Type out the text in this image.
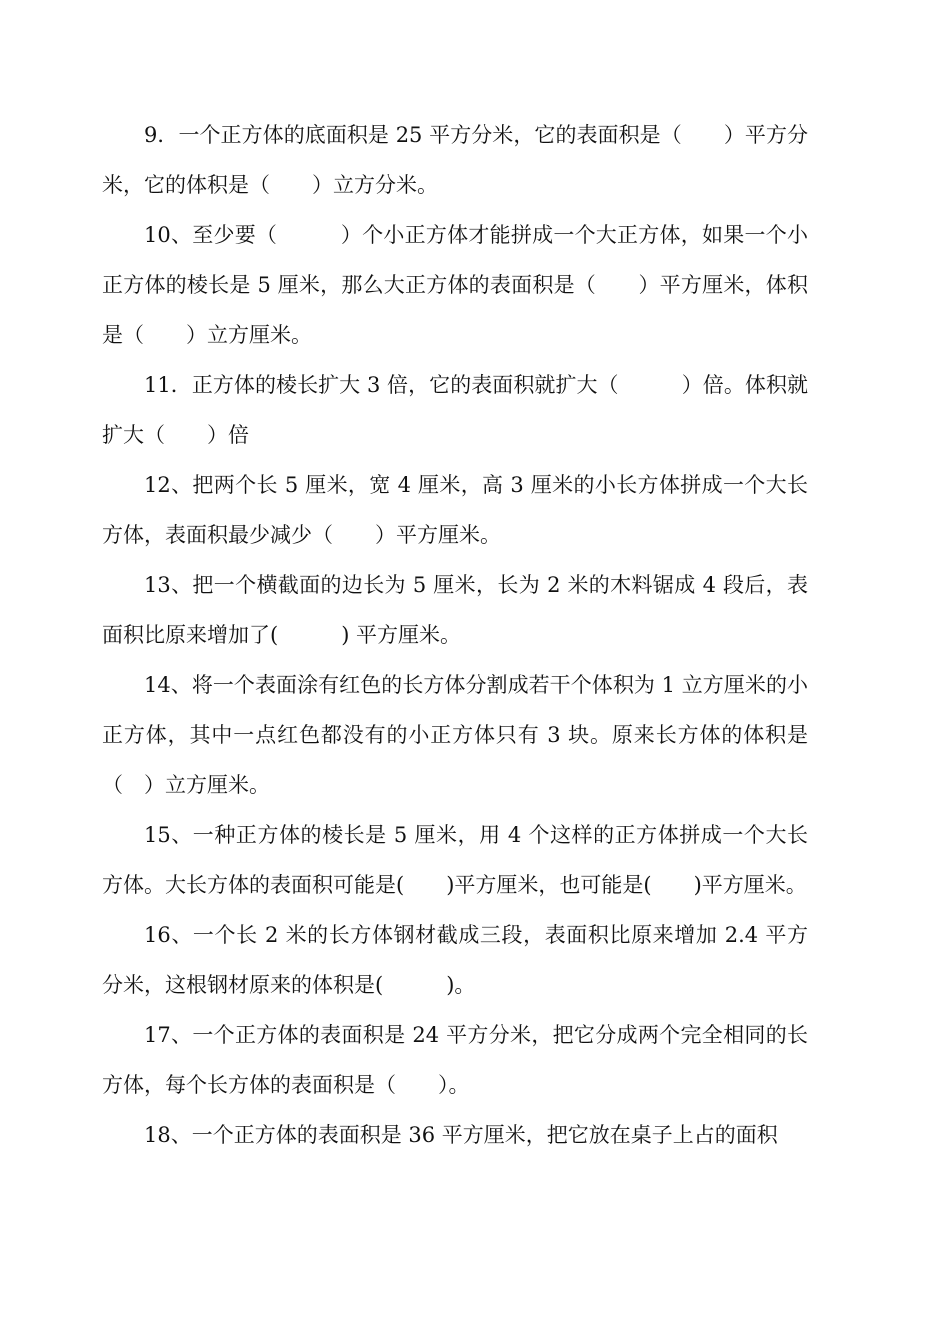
9．一个正方体的底面积是 25 平方分米，它的表面积是（　　）平方分米，它的体积是（　　）立方分米。

10、至少要（　　　）个小正方体才能拼成一个大正方体，如果一个小正方体的棱长是 5 厘米，那么大正方体的表面积是（　　）平方厘米，体积是（　　）立方厘米。

11．正方体的棱长扩大 3 倍，它的表面积就扩大（　　　）倍。体积就扩大（　　）倍

12、把两个长 5 厘米，宽 4 厘米，高 3 厘米的小长方体拼成一个大长方体，表面积最少减少（　　）平方厘米。

13、把一个横截面的边长为 5 厘米，长为 2 米的木料锯成 4 段后，表面积比原来增加了(　　　) 平方厘米。

14、将一个表面涂有红色的长方体分割成若干个体积为 1 立方厘米的小正方体，其中一点红色都没有的小正方体只有 3 块。原来长方体的体积是（　）立方厘米。

15、一种正方体的棱长是 5 厘米，用 4 个这样的正方体拼成一个大长方体。大长方体的表面积可能是(　　)平方厘米，也可能是(　　)平方厘米。

16、一个长 2 米的长方体钢材截成三段，表面积比原来增加 2.4 平方分米，这根钢材原来的体积是(　　　)。

17、一个正方体的表面积是 24 平方分米，把它分成两个完全相同的长方体，每个长方体的表面积是（　　）。

18、一个正方体的表面积是 36 平方厘米，把它放在桌子上占的面积
